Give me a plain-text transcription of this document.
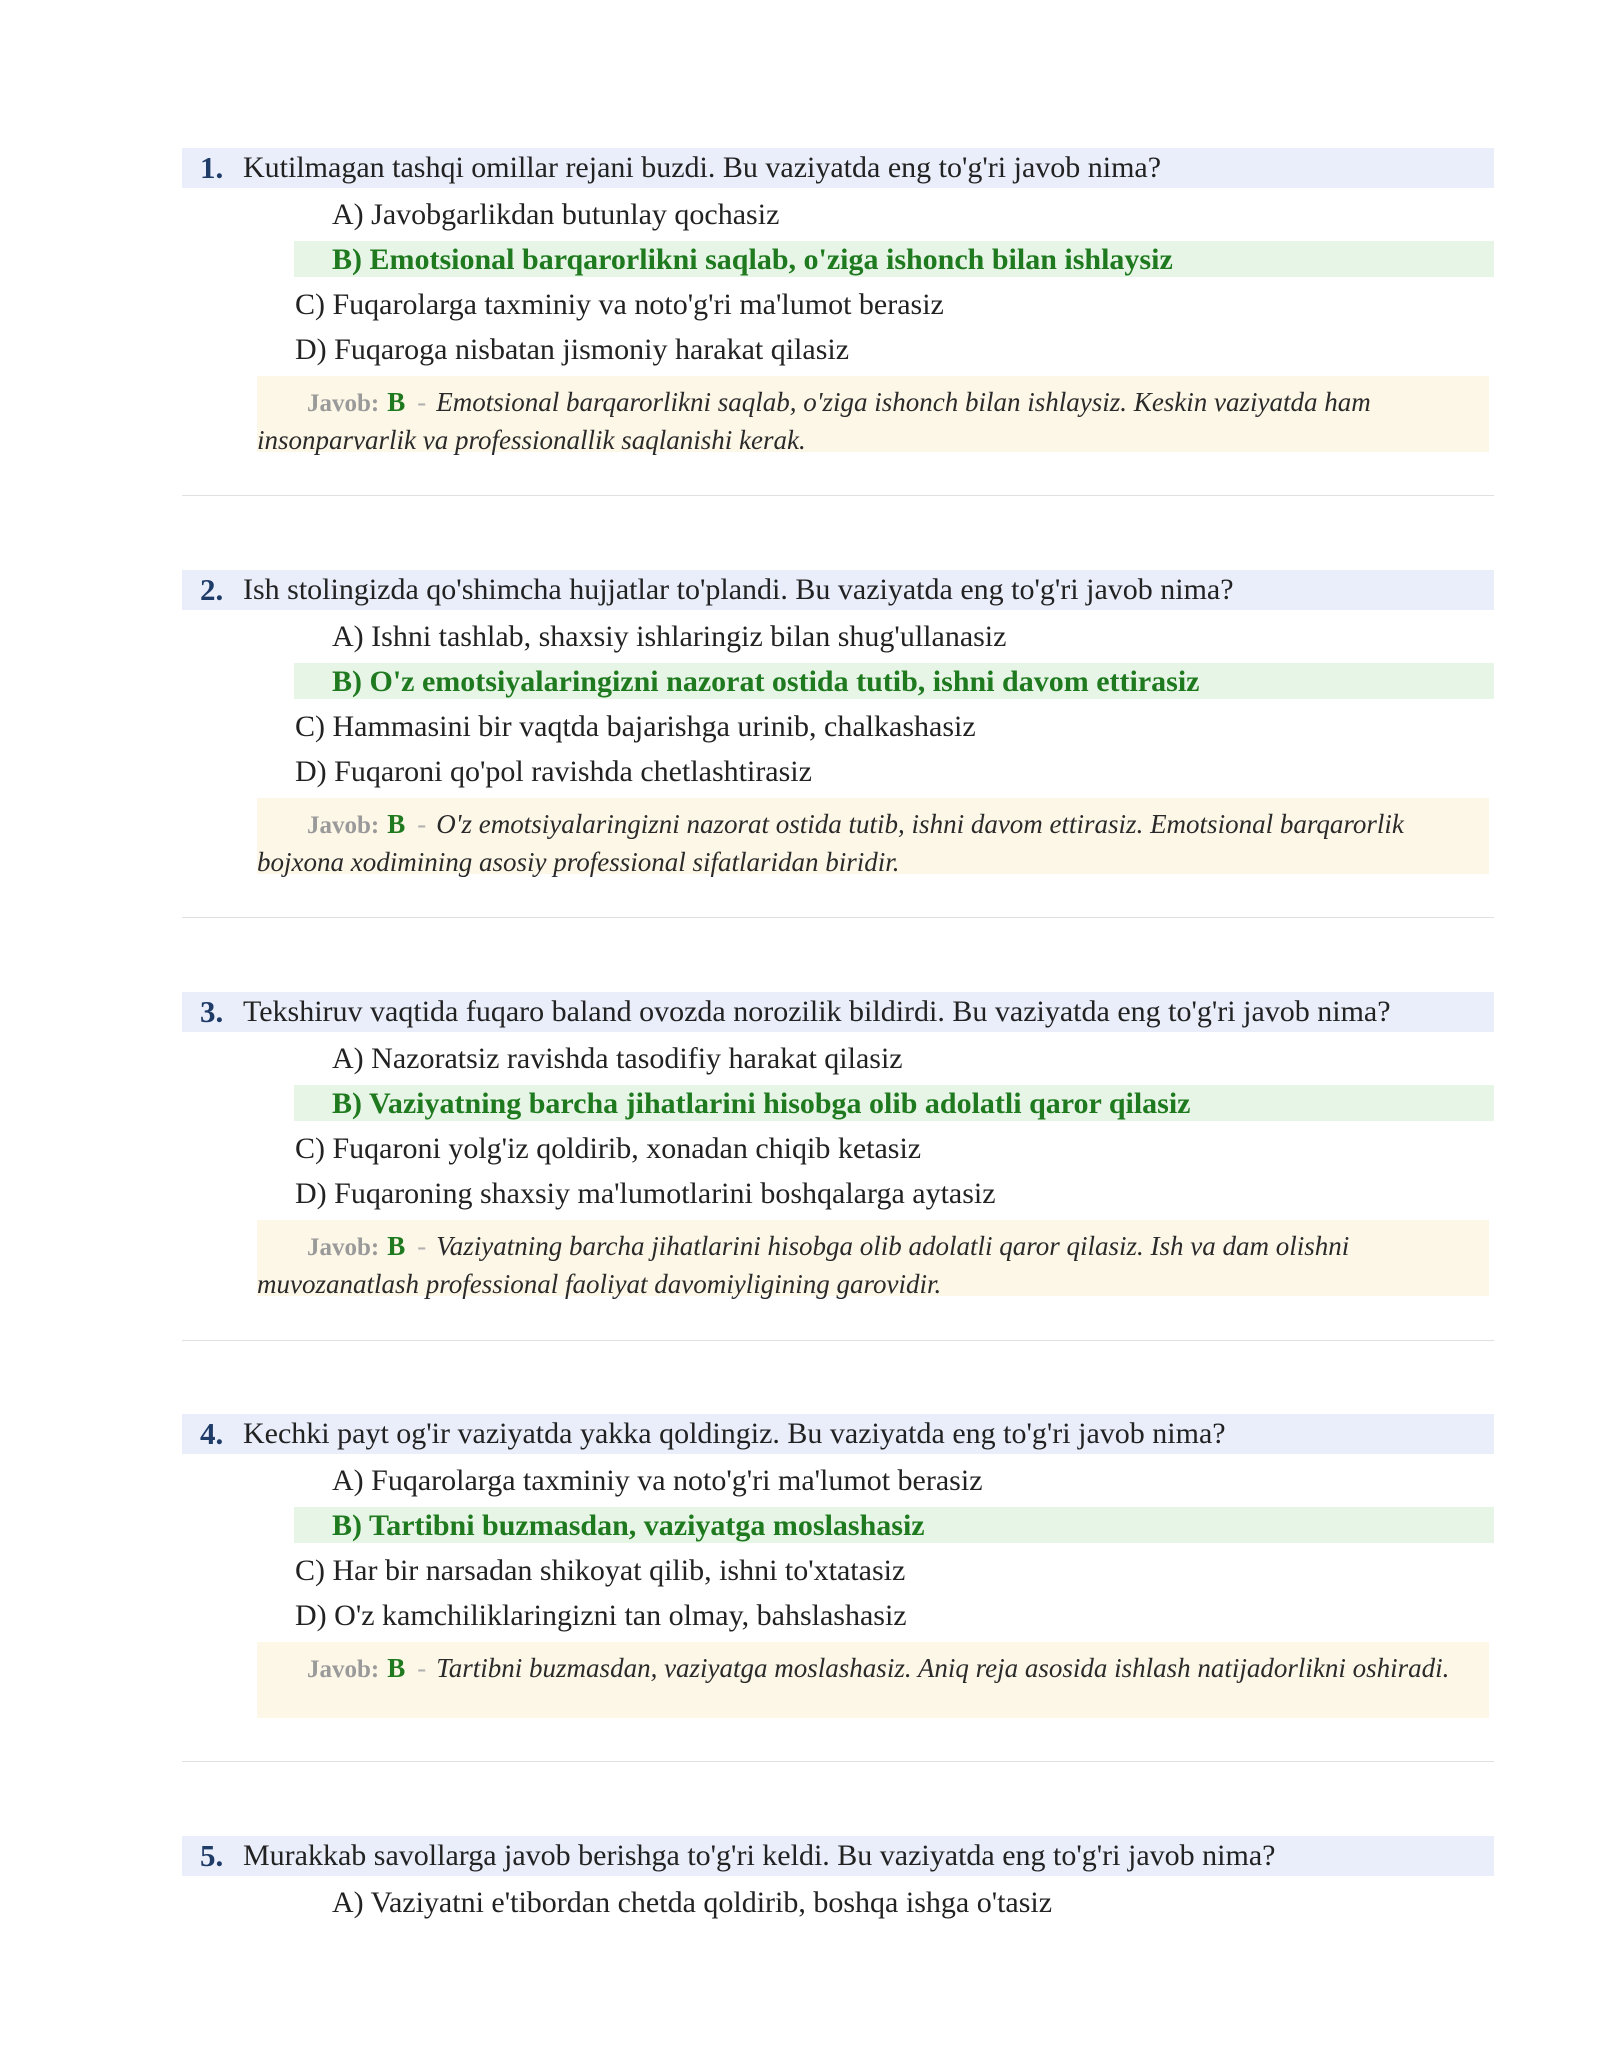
1. Kutilmagan tashqi omillar rejani buzdi. Bu vaziyatda eng to'g'ri javob nima?
A) Javobgarlikdan butunlay qochasiz
B) Emotsional barqarorlikni saqlab, o'ziga ishonch bilan ishlaysiz
C) Fuqarolarga taxminiy va noto'g'ri ma'lumot berasiz
D) Fuqaroga nisbatan jismoniy harakat qilasiz
Javob: B - Emotsional barqarorlikni saqlab, o'ziga ishonch bilan ishlaysiz. Keskin vaziyatda ham insonparvarlik va professionallik saqlanishi kerak.
2. Ish stolingizda qo'shimcha hujjatlar to'plandi. Bu vaziyatda eng to'g'ri javob nima?
A) Ishni tashlab, shaxsiy ishlaringiz bilan shug'ullanasiz
B) O'z emotsiyalaringizni nazorat ostida tutib, ishni davom ettirasiz
C) Hammasini bir vaqtda bajarishga urinib, chalkashasiz
D) Fuqaroni qo'pol ravishda chetlashtirasiz
Javob: B - O'z emotsiyalaringizni nazorat ostida tutib, ishni davom ettirasiz. Emotsional barqarorlik bojxona xodimining asosiy professional sifatlaridan biridir.
3. Tekshiruv vaqtida fuqaro baland ovozda norozilik bildirdi. Bu vaziyatda eng to'g'ri javob nima?
A) Nazoratsiz ravishda tasodifiy harakat qilasiz
B) Vaziyatning barcha jihatlarini hisobga olib adolatli qaror qilasiz
C) Fuqaroni yolg'iz qoldirib, xonadan chiqib ketasiz
D) Fuqaroning shaxsiy ma'lumotlarini boshqalarga aytasiz
Javob: B - Vaziyatning barcha jihatlarini hisobga olib adolatli qaror qilasiz. Ish va dam olishni muvozanatlash professional faoliyat davomiyligining garovidir.
4. Kechki payt og'ir vaziyatda yakka qoldingiz. Bu vaziyatda eng to'g'ri javob nima?
A) Fuqarolarga taxminiy va noto'g'ri ma'lumot berasiz
B) Tartibni buzmasdan, vaziyatga moslashasiz
C) Har bir narsadan shikoyat qilib, ishni to'xtatasiz
D) O'z kamchiliklaringizni tan olmay, bahslashasiz
Javob: B - Tartibni buzmasdan, vaziyatga moslashasiz. Aniq reja asosida ishlash natijadorlikni oshiradi.
5. Murakkab savollarga javob berishga to'g'ri keldi. Bu vaziyatda eng to'g'ri javob nima?
A) Vaziyatni e'tibordan chetda qoldirib, boshqa ishga o'tasiz
